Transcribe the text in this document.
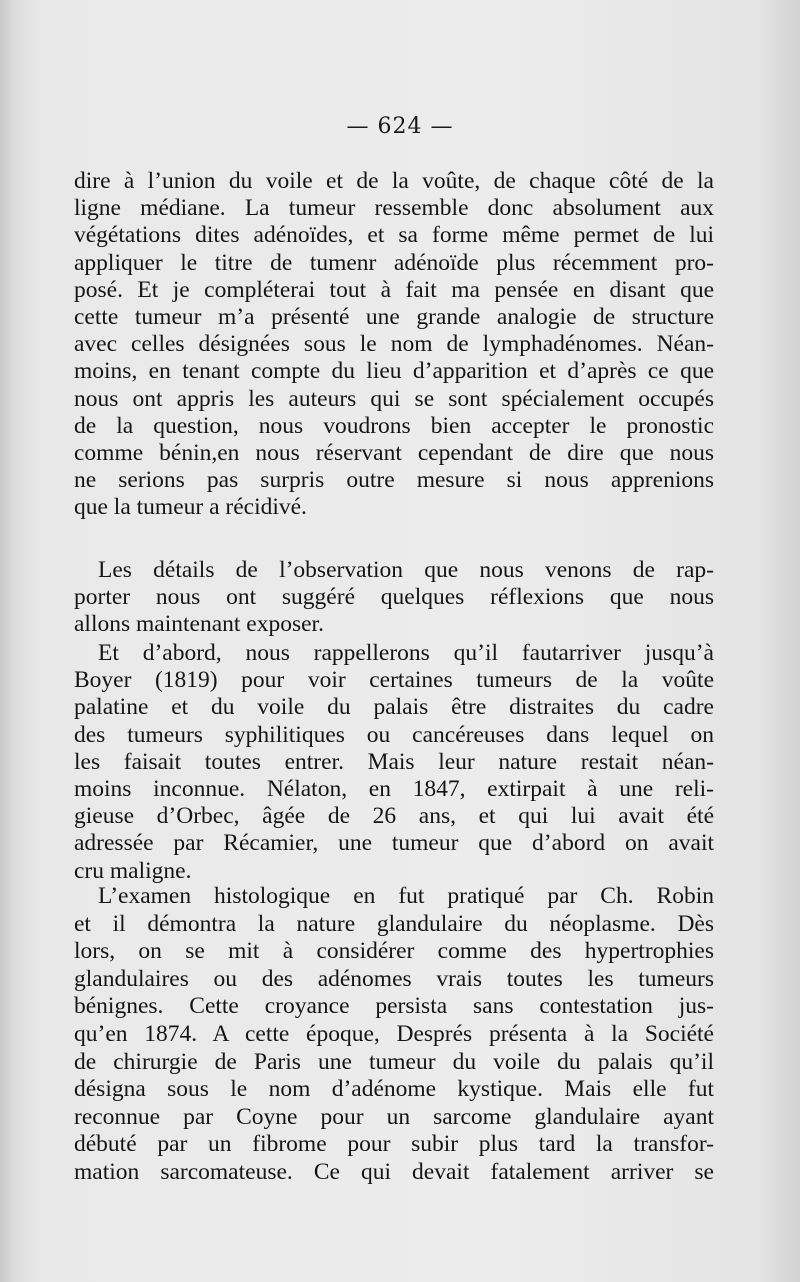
— 624 —
dire à l’union du voile et de la voûte, de chaque côté de la
ligne médiane. La tumeur ressemble donc absolument aux
végétations dites adénoïdes, et sa forme même permet de lui
appliquer le titre de tumenr adénoïde plus récemment pro-
posé. Et je compléterai tout à fait ma pensée en disant que
cette tumeur m’a présenté une grande analogie de structure
avec celles désignées sous le nom de lymphadénomes. Néan-
moins, en tenant compte du lieu d’apparition et d’après ce que
nous ont appris les auteurs qui se sont spécialement occupés
de la question, nous voudrons bien accepter le pronostic
comme bénin,en nous réservant cependant de dire que nous
ne serions pas surpris outre mesure si nous apprenions
que la tumeur a récidivé.
Les détails de l’observation que nous venons de rap-
porter nous ont suggéré quelques réflexions que nous
allons maintenant exposer.
Et d’abord, nous rappellerons qu’il fautarriver jusqu’à
Boyer (1819) pour voir certaines tumeurs de la voûte
palatine et du voile du palais être distraites du cadre
des tumeurs syphilitiques ou cancéreuses dans lequel on
les faisait toutes entrer. Mais leur nature restait néan-
moins inconnue. Nélaton, en 1847, extirpait à une reli-
gieuse d’Orbec, âgée de 26 ans, et qui lui avait été
adressée par Récamier, une tumeur que d’abord on avait
cru maligne.
L’examen histologique en fut pratiqué par Ch. Robin
et il démontra la nature glandulaire du néoplasme. Dès
lors, on se mit à considérer comme des hypertrophies
glandulaires ou des adénomes vrais toutes les tumeurs
bénignes. Cette croyance persista sans contestation jus-
qu’en 1874. A cette époque, Després présenta à la Société
de chirurgie de Paris une tumeur du voile du palais qu’il
désigna sous le nom d’adénome kystique. Mais elle fut
reconnue par Coyne pour un sarcome glandulaire ayant
débuté par un fibrome pour subir plus tard la transfor-
mation sarcomateuse. Ce qui devait fatalement arriver se
